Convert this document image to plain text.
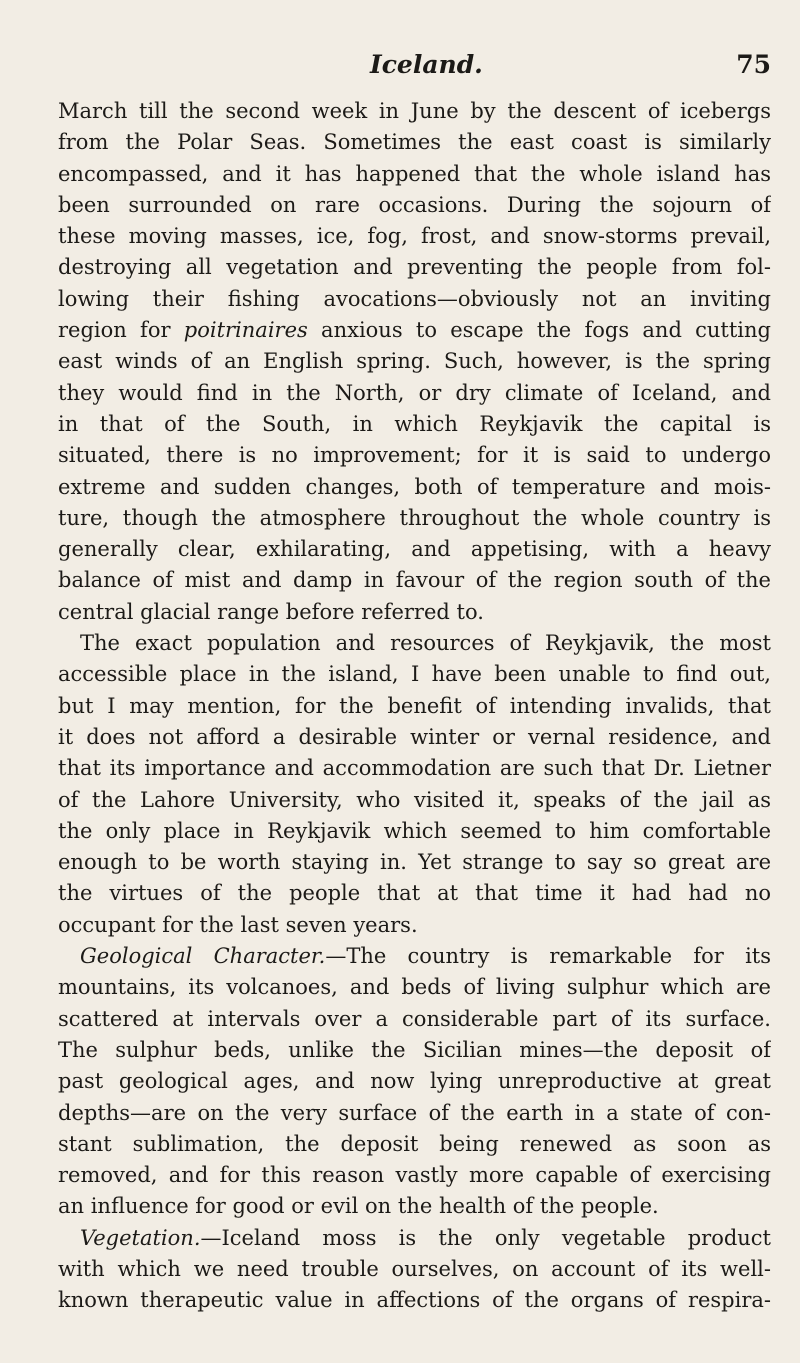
Iceland.	75
March till the second week in June by the descent of icebergs
from the Polar Seas. Sometimes the east coast is similarly
encompassed, and it has happened that the whole island has
been surrounded on rare occasions. During the sojourn of
these moving masses, ice, fog, frost, and snow-storms prevail,
destroying all vegetation and preventing the people from fol-
lowing their fishing avocations—obviously not an inviting
region for poitrinaires anxious to escape the fogs and cutting
east winds of an English spring. Such, however, is the spring
they would find in the North, or dry climate of Iceland, and
in that of the South, in which Reykjavik the capital is
situated, there is no improvement; for it is said to undergo
extreme and sudden changes, both of temperature and mois-
ture, though the atmosphere throughout the whole country is
generally clear, exhilarating, and appetising, with a heavy
balance of mist and damp in favour of the region south of the
central glacial range before referred to.
The exact population and resources of Reykjavik, the most
accessible place in the island, I have been unable to find out,
but I may mention, for the benefit of intending invalids, that
it does not afford a desirable winter or vernal residence, and
that its importance and accommodation are such that Dr. Lietner
of the Lahore University, who visited it, speaks of the jail as
the only place in Reykjavik which seemed to him comfortable
enough to be worth staying in. Yet strange to say so great are
the virtues of the people that at that time it had had no
occupant for the last seven years.
Geological Character.—The country is remarkable for its
mountains, its volcanoes, and beds of living sulphur which are
scattered at intervals over a considerable part of its surface.
The sulphur beds, unlike the Sicilian mines—the deposit of
past geological ages, and now lying unreproductive at great
depths—are on the very surface of the earth in a state of con-
stant sublimation, the deposit being renewed as soon as
removed, and for this reason vastly more capable of exercising
an influence for good or evil on the health of the people.
Vegetation.—Iceland moss is the only vegetable product
with which we need trouble ourselves, on account of its well-
known therapeutic value in affections of the organs of respira-
